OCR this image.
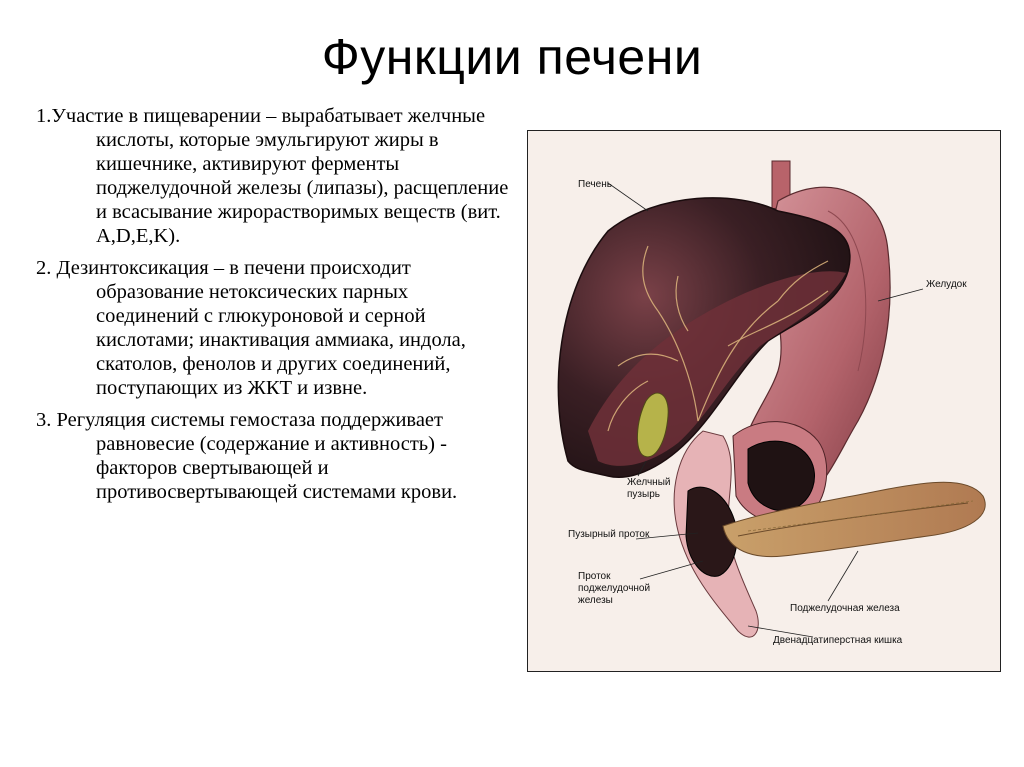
Функции печени
1.Участие в пищеварении – вырабатывает желчные кислоты, которые эмульгируют жиры в кишечнике, активируют ферменты поджелудочной железы (липазы), расщепление и всасывание жирорастворимых веществ (вит. A,D,E,K).
2. Дезинтоксикация – в печени происходит образование нетоксических парных соединений с глюкуроновой и серной кислотами; инактивация аммиака, индола, скатолов, фенолов и других соединений, поступающих из ЖКТ и извне.
3. Регуляция системы гемостаза поддерживает равновесие (содержание и активность) - факторов свертывающей и противосвертывающей системами крови.
Печень
Желудок
Желчный
пузырь
Пузырный проток
Проток
поджелудочной
железы
Поджелудочная железа
Двенадцатиперстная кишка
